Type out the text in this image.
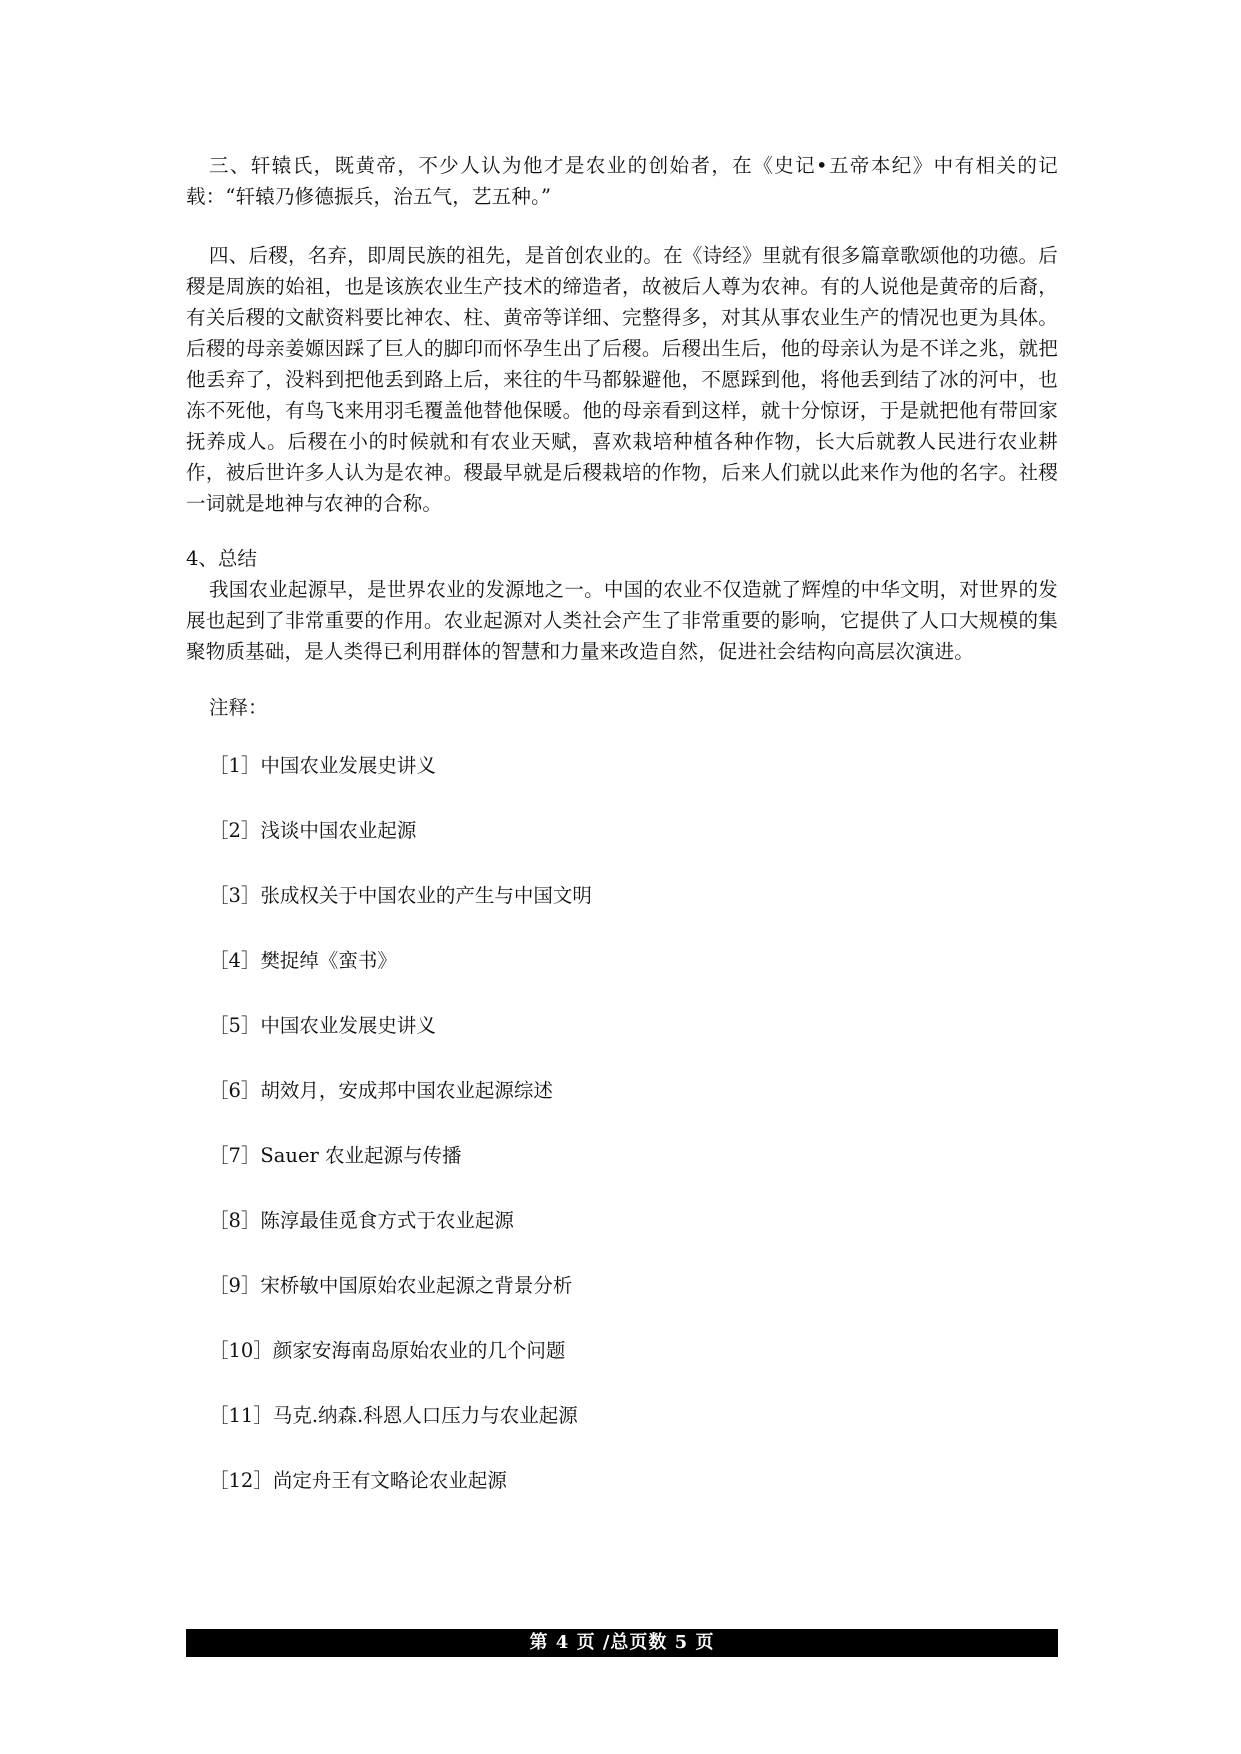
三、轩辕氏，既黄帝，不少人认为他才是农业的创始者，在《史记•五帝本纪》中有相关的记载：“轩辕乃修德振兵，治五气，艺五种。”

四、后稷，名弃，即周民族的祖先，是首创农业的。在《诗经》里就有很多篇章歌颂他的功德。后稷是周族的始祖，也是该族农业生产技术的缔造者，故被后人尊为农神。有的人说他是黄帝的后裔，有关后稷的文献资料要比神农、柱、黄帝等详细、完整得多，对其从事农业生产的情况也更为具体。后稷的母亲姜嫄因踩了巨人的脚印而怀孕生出了后稷。后稷出生后，他的母亲认为是不详之兆，就把他丢弃了，没料到把他丢到路上后，来往的牛马都躲避他，不愿踩到他，将他丢到结了冰的河中，也冻不死他，有鸟飞来用羽毛覆盖他替他保暖。他的母亲看到这样，就十分惊讶，于是就把他有带回家抚养成人。后稷在小的时候就和有农业天赋，喜欢栽培种植各种作物，长大后就教人民进行农业耕作，被后世许多人认为是农神。稷最早就是后稷栽培的作物，后来人们就以此来作为他的名字。社稷一词就是地神与农神的合称。

4、总结

我国农业起源早，是世界农业的发源地之一。中国的农业不仅造就了辉煌的中华文明，对世界的发展也起到了非常重要的作用。农业起源对人类社会产生了非常重要的影响，它提供了人口大规模的集聚物质基础，是人类得已利用群体的智慧和力量来改造自然，促进社会结构向高层次演进。

注释：

［1］中国农业发展史讲义
［2］浅谈中国农业起源
［3］张成权关于中国农业的产生与中国文明
［4］樊捉绰《蛮书》
［5］中国农业发展史讲义
［6］胡效月，安成邦中国农业起源综述
［7］Sauer 农业起源与传播
［8］陈淳最佳觅食方式于农业起源
［9］宋桥敏中国原始农业起源之背景分析
［10］颜家安海南岛原始农业的几个问题
［11］马克.纳森.科恩人口压力与农业起源
［12］尚定舟王有文略论农业起源
第 4 页 /总页数 5 页
